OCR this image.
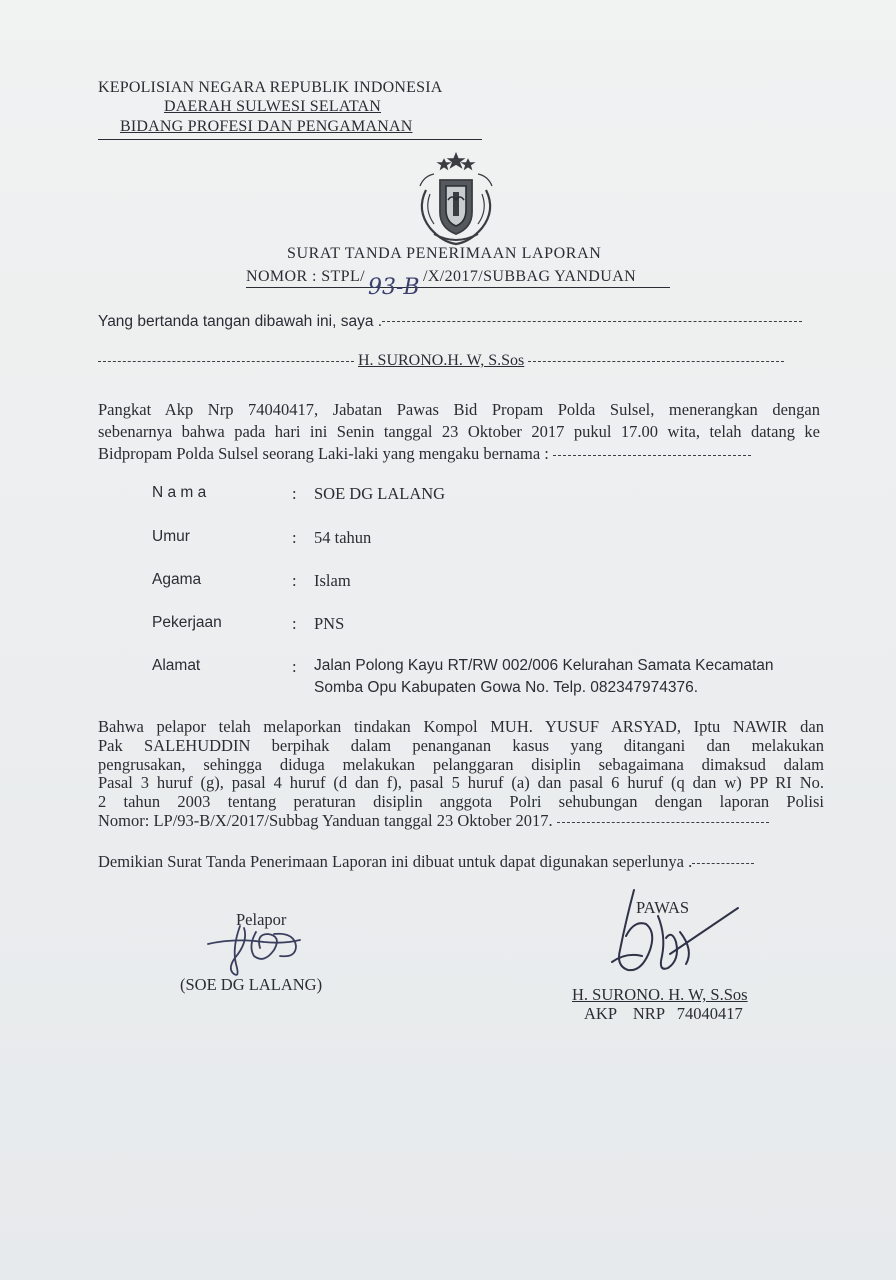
KEPOLISIAN NEGARA REPUBLIK INDONESIA
DAERAH SULWESI SELATAN
BIDANG PROFESI DAN PENGAMANAN
SURAT TANDA PENERIMAAN LAPORAN
NOMOR : STPL/	/X/2017/SUBBAG YANDUAN
93-B
Yang bertanda tangan dibawah ini, saya .
H. SURONO.H. W, S.Sos
Pangkat Akp Nrp 74040417, Jabatan Pawas Bid Propam Polda Sulsel, menerangkan dengan
sebenarnya bahwa pada hari ini Senin tanggal 23 Oktober 2017 pukul 17.00 wita, telah datang ke
Bidpropam Polda Sulsel seorang Laki-laki yang mengaku bernama :
N a m a	: SOE DG LALANG
Umur	: 54 tahun
Agama	: Islam
Pekerjaan	: PNS
Alamat	: Jalan Polong Kayu RT/RW 002/006 Kelurahan Samata Kecamatan
Somba Opu Kabupaten Gowa No. Telp. 082347974376.
Bahwa pelapor telah melaporkan tindakan Kompol MUH. YUSUF ARSYAD, Iptu NAWIR dan
Pak SALEHUDDIN berpihak dalam penanganan kasus yang ditangani dan melakukan
pengrusakan, sehingga diduga melakukan pelanggaran disiplin sebagaimana dimaksud dalam
Pasal 3 huruf (g), pasal 4 huruf (d dan f), pasal 5 huruf (a) dan pasal 6 huruf (q dan w) PP RI No.
2 tahun 2003 tentang peraturan disiplin anggota Polri sehubungan dengan laporan Polisi
Nomor: LP/93-B/X/2017/Subbag Yanduan tanggal 23 Oktober 2017.
Demikian Surat Tanda Penerimaan Laporan ini dibuat untuk dapat digunakan seperlunya .
Pelapor
(SOE DG LALANG)
PAWAS
H. SURONO. H. W, S.Sos
AKP    NRP   74040417
